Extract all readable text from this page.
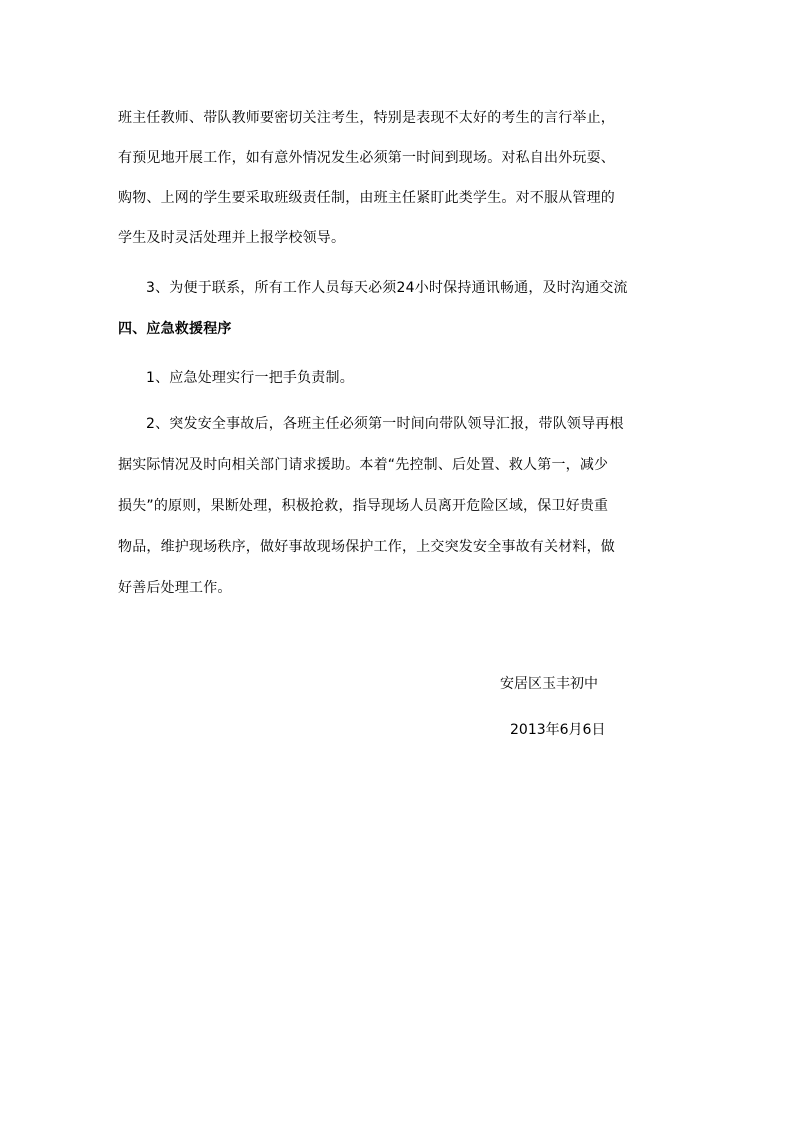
班主任教师、带队教师要密切关注考生，特别是表现不太好的考生的言行举止，
有预见地开展工作，如有意外情况发生必须第一时间到现场。对私自出外玩耍、
购物、上网的学生要采取班级责任制，由班主任紧盯此类学生。对不服从管理的
学生及时灵活处理并上报学校领导。
3、为便于联系，所有工作人员每天必须24小时保持通讯畅通，及时沟通交流
四、应急救援程序
1、应急处理实行一把手负责制。
2、突发安全事故后，各班主任必须第一时间向带队领导汇报，带队领导再根
据实际情况及时向相关部门请求援助。本着“先控制、后处置、救人第一，减少
损失”的原则，果断处理，积极抢救，指导现场人员离开危险区域，保卫好贵重
物品，维护现场秩序，做好事故现场保护工作，上交突发安全事故有关材料，做
好善后处理工作。
安居区玉丰初中
2013年6月6日
